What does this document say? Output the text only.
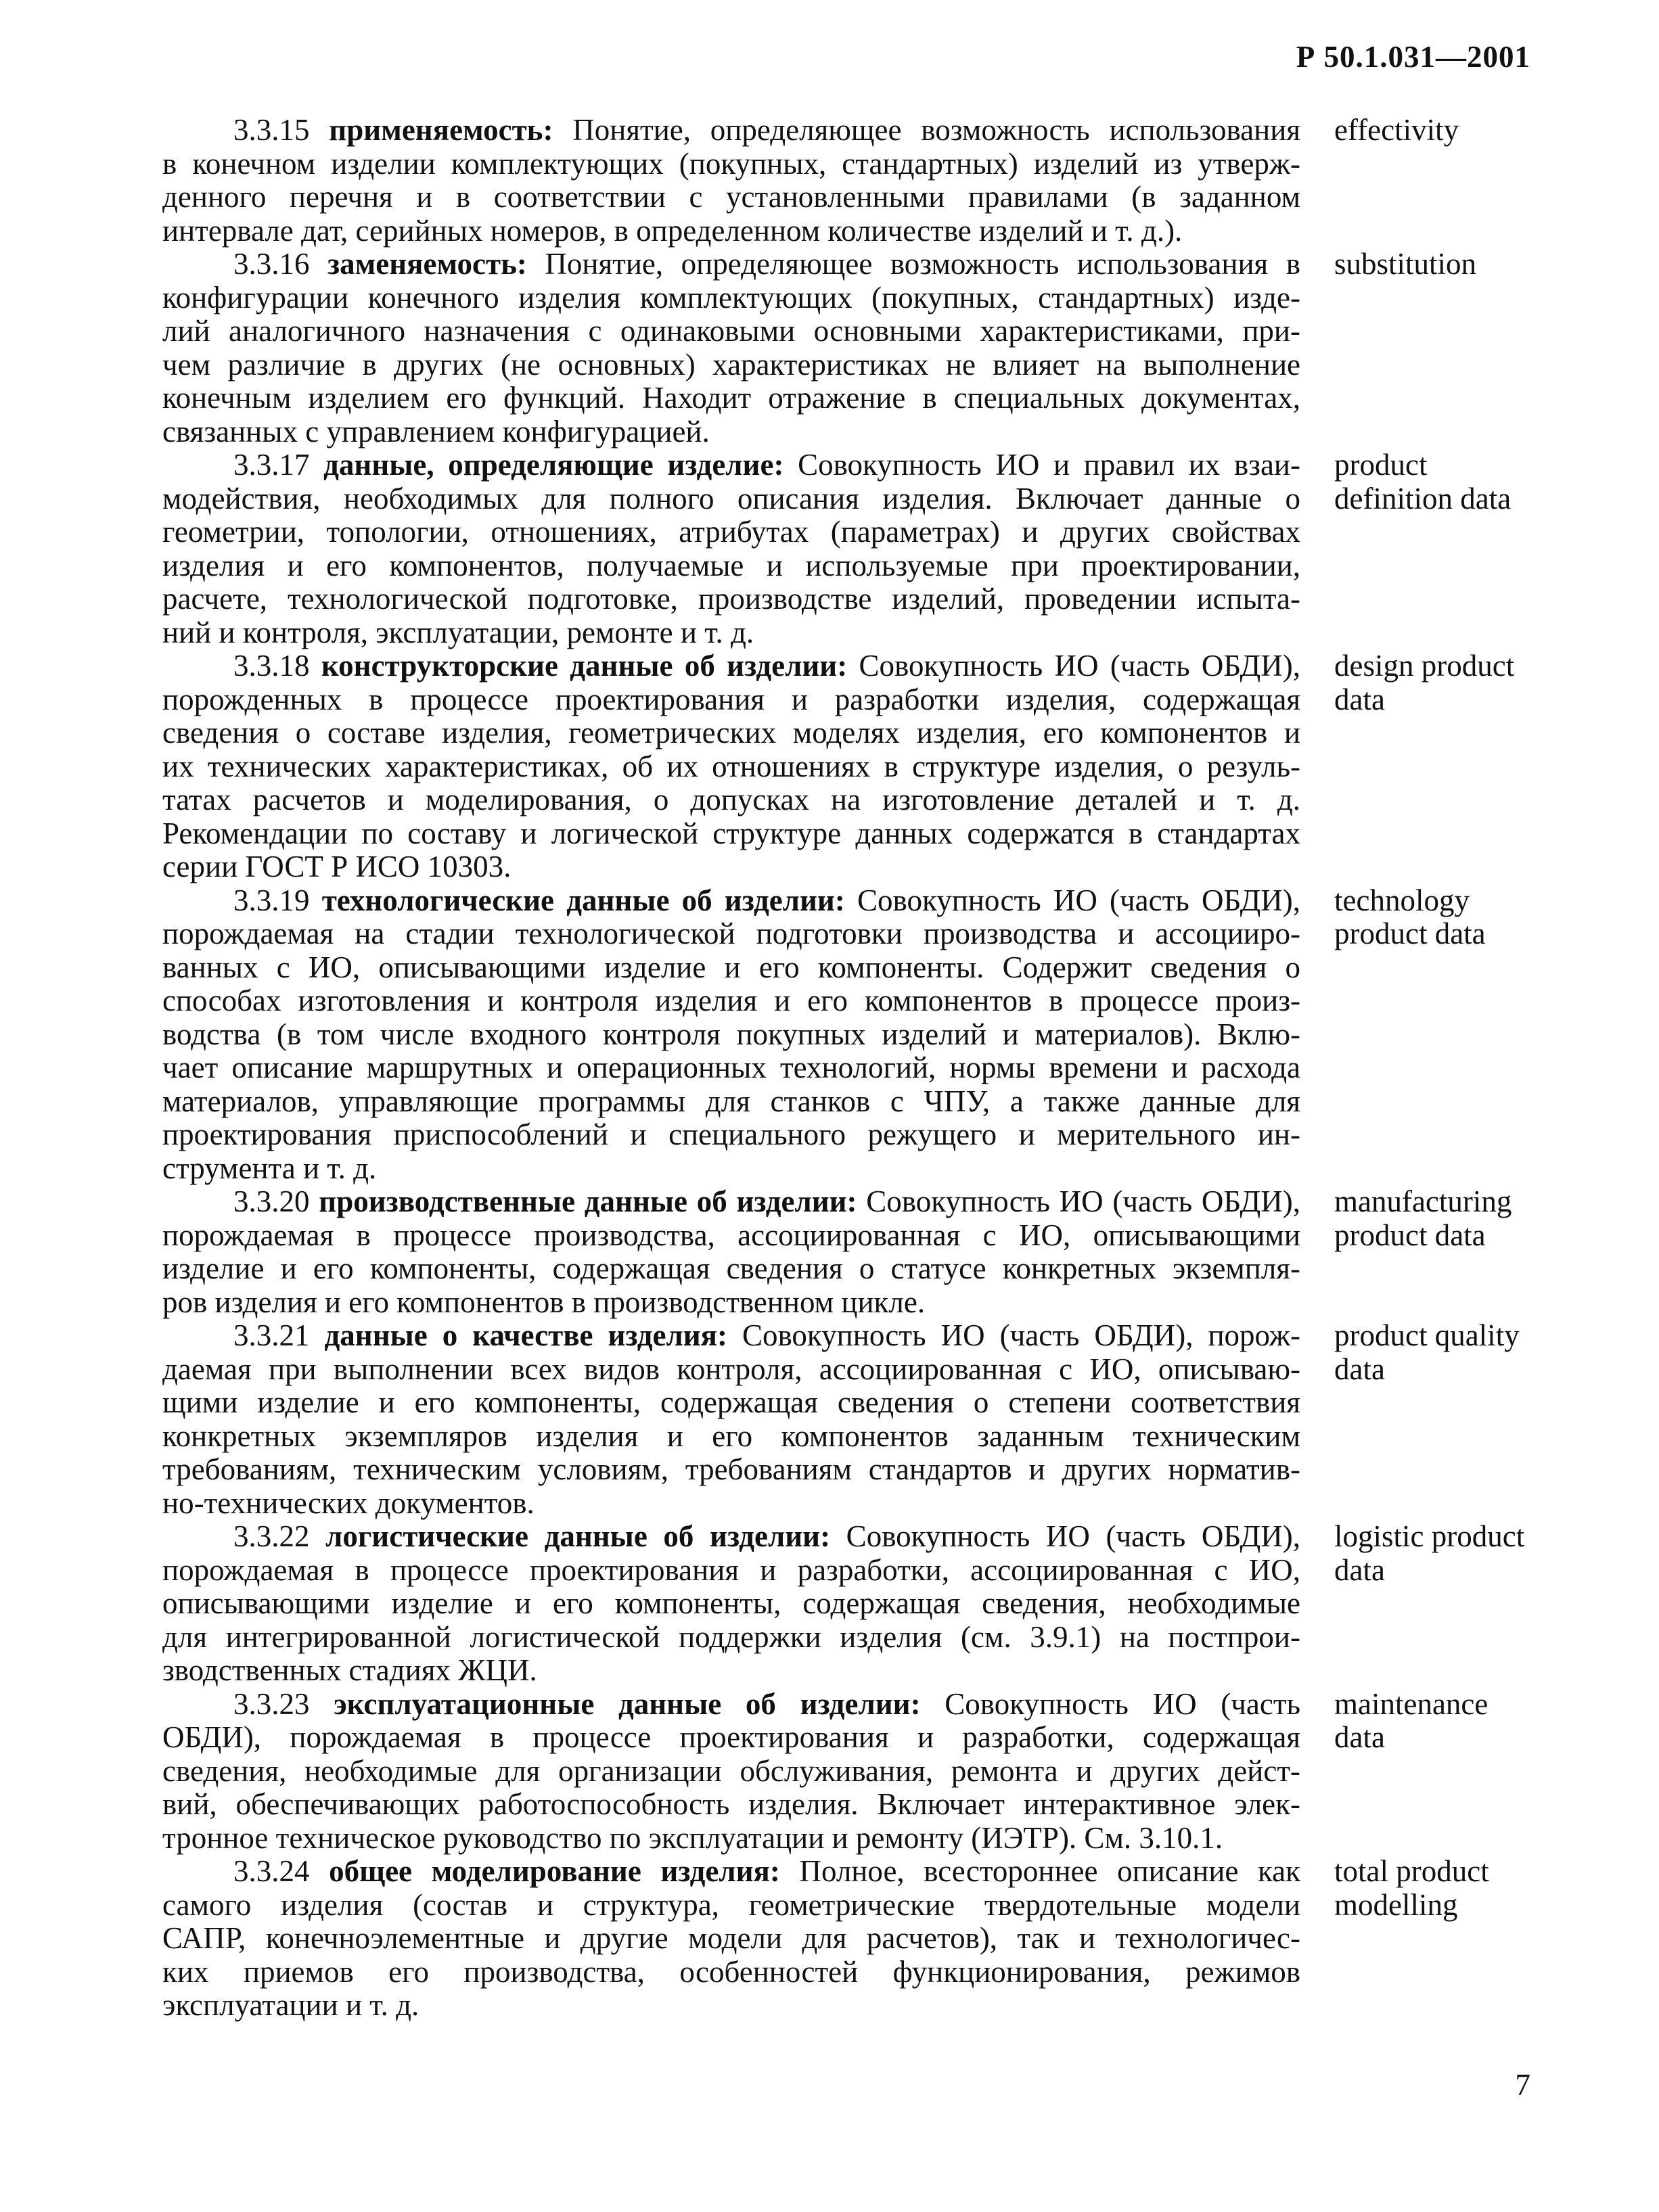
Р 50.1.031—2001
3.3.15 применяемость: Понятие, определяющее возможность использования
в конечном изделии комплектующих (покупных, стандартных) изделий из утверж-
денного перечня и в соответствии с установленными правилами (в заданном
интервале дат, серийных номеров, в определенном количестве изделий и т. д.).
effectivity
3.3.16 заменяемость: Понятие, определяющее возможность использования в
конфигурации конечного изделия комплектующих (покупных, стандартных) изде-
лий аналогичного назначения с одинаковыми основными характеристиками, при-
чем различие в других (не основных) характеристиках не влияет на выполнение
конечным изделием его функций. Находит отражение в специальных документах,
связанных с управлением конфигурацией.
substitution
3.3.17 данные, определяющие изделие: Совокупность ИО и правил их взаи-
модействия, необходимых для полного описания изделия. Включает данные о
геометрии, топологии, отношениях, атрибутах (параметрах) и других свойствах
изделия и его компонентов, получаемые и используемые при проектировании,
расчете, технологической подготовке, производстве изделий, проведении испыта-
ний и контроля, эксплуатации, ремонте и т. д.
product
definition data
3.3.18 конструкторские данные об изделии: Совокупность ИО (часть ОБДИ),
порожденных в процессе проектирования и разработки изделия, содержащая
сведения о составе изделия, геометрических моделях изделия, его компонентов и
их технических характеристиках, об их отношениях в структуре изделия, о резуль-
татах расчетов и моделирования, о допусках на изготовление деталей и т. д.
Рекомендации по составу и логической структуре данных содержатся в стандартах
серии ГОСТ Р ИСО 10303.
design product
data
3.3.19 технологические данные об изделии: Совокупность ИО (часть ОБДИ),
порождаемая на стадии технологической подготовки производства и ассоцииро-
ванных с ИО, описывающими изделие и его компоненты. Содержит сведения о
способах изготовления и контроля изделия и его компонентов в процессе произ-
водства (в том числе входного контроля покупных изделий и материалов). Вклю-
чает описание маршрутных и операционных технологий, нормы времени и расхода
материалов, управляющие программы для станков с ЧПУ, а также данные для
проектирования приспособлений и специального режущего и мерительного ин-
струмента и т. д.
technology
product data
3.3.20 производственные данные об изделии: Совокупность ИО (часть ОБДИ),
порождаемая в процессе производства, ассоциированная с ИО, описывающими
изделие и его компоненты, содержащая сведения о статусе конкретных экземпля-
ров изделия и его компонентов в производственном цикле.
manufacturing
product data
3.3.21 данные о качестве изделия: Совокупность ИО (часть ОБДИ), порож-
даемая при выполнении всех видов контроля, ассоциированная с ИО, описываю-
щими изделие и его компоненты, содержащая сведения о степени соответствия
конкретных экземпляров изделия и его компонентов заданным техническим
требованиям, техническим условиям, требованиям стандартов и других норматив-
но-технических документов.
product quality
data
3.3.22 логистические данные об изделии: Совокупность ИО (часть ОБДИ),
порождаемая в процессе проектирования и разработки, ассоциированная с ИО,
описывающими изделие и его компоненты, содержащая сведения, необходимые
для интегрированной логистической поддержки изделия (см. 3.9.1) на постпрои-
зводственных стадиях ЖЦИ.
logistic product
data
3.3.23 эксплуатационные данные об изделии: Совокупность ИО (часть
ОБДИ), порождаемая в процессе проектирования и разработки, содержащая
сведения, необходимые для организации обслуживания, ремонта и других дейст-
вий, обеспечивающих работоспособность изделия. Включает интерактивное элек-
тронное техническое руководство по эксплуатации и ремонту (ИЭТР). См. 3.10.1.
maintenance
data
3.3.24 общее моделирование изделия: Полное, всестороннее описание как
самого изделия (состав и структура, геометрические твердотельные модели
САПР, конечноэлементные и другие модели для расчетов), так и технологичес-
ких приемов его производства, особенностей функционирования, режимов
эксплуатации и т. д.
total product
modelling
7
